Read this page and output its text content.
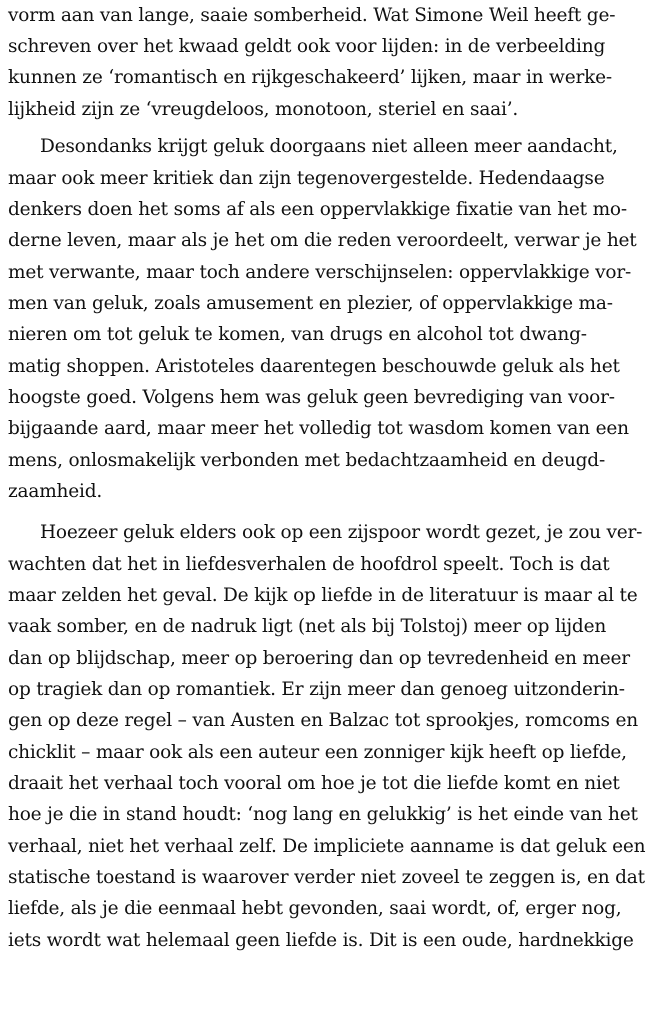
vorm aan van lange, saaie somberheid. Wat Simone Weil heeft ge-
schreven over het kwaad geldt ook voor lijden: in de verbeelding
kunnen ze ‘romantisch en rijkgeschakeerd’ lijken, maar in werke-
lijkheid zijn ze ‘vreugdeloos, monotoon, steriel en saai’.
Desondanks krijgt geluk doorgaans niet alleen meer aandacht,
maar ook meer kritiek dan zijn tegenovergestelde. Hedendaagse
denkers doen het soms af als een oppervlakkige fixatie van het mo-
derne leven, maar als je het om die reden veroordeelt, verwar je het
met verwante, maar toch andere verschijnselen: oppervlakkige vor-
men van geluk, zoals amusement en plezier, of oppervlakkige ma-
nieren om tot geluk te komen, van drugs en alcohol tot dwang-
matig shoppen. Aristoteles daarentegen beschouwde geluk als het
hoogste goed. Volgens hem was geluk geen bevrediging van voor-
bijgaande aard, maar meer het volledig tot wasdom komen van een
mens, onlosmakelijk verbonden met bedachtzaamheid en deugd-
zaamheid.
Hoezeer geluk elders ook op een zijspoor wordt gezet, je zou ver-
wachten dat het in liefdesverhalen de hoofdrol speelt. Toch is dat
maar zelden het geval. De kijk op liefde in de literatuur is maar al te
vaak somber, en de nadruk ligt (net als bij Tolstoj) meer op lijden
dan op blijdschap, meer op beroering dan op tevredenheid en meer
op tragiek dan op romantiek. Er zijn meer dan genoeg uitzonderin-
gen op deze regel – van Austen en Balzac tot sprookjes, romcoms en
chicklit – maar ook als een auteur een zonniger kijk heeft op liefde,
draait het verhaal toch vooral om hoe je tot die liefde komt en niet
hoe je die in stand houdt: ‘nog lang en gelukkig’ is het einde van het
verhaal, niet het verhaal zelf. De impliciete aanname is dat geluk een
statische toestand is waarover verder niet zoveel te zeggen is, en dat
liefde, als je die eenmaal hebt gevonden, saai wordt, of, erger nog,
iets wordt wat helemaal geen liefde is. Dit is een oude, hardnekkige
